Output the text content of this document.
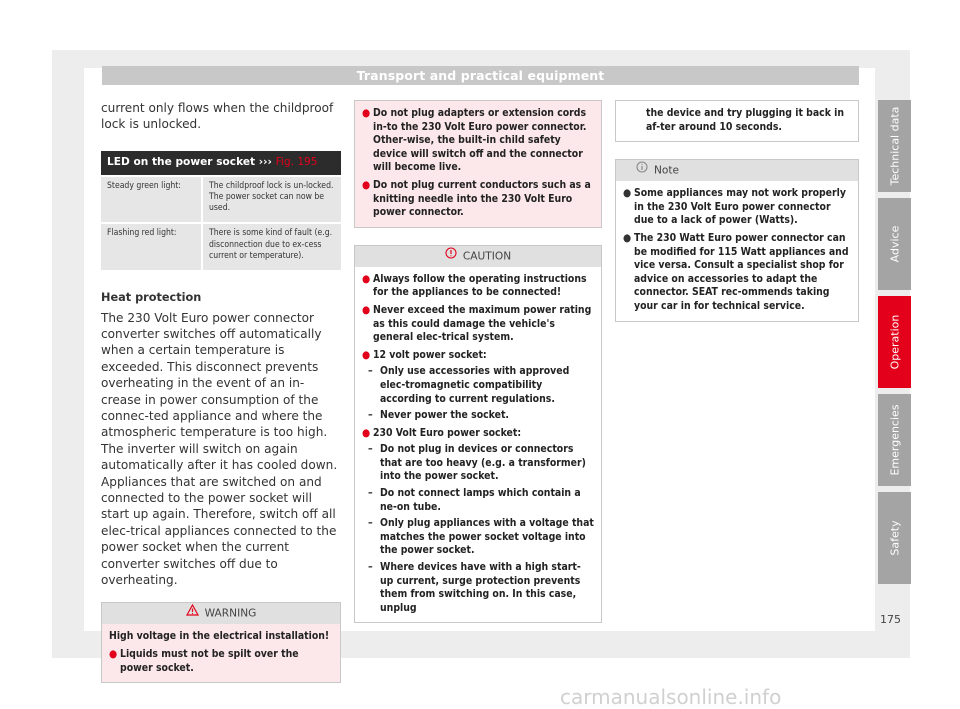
Transport and practical equipment

current only flows when the childproof lock is unlocked.

LED on the power socket ››› Fig. 195	
Steady green light:	The childproof lock is un-locked. The power socket can now be used.
Flashing red light:	There is some kind of fault (e.g. disconnection due to ex-cess current or temperature).
Heat protection

The 230 Volt Euro power connector converter switches off automatically when a certain temperature is exceeded. This disconnect prevents overheating in the event of an in-crease in power consumption of the connec-ted appliance and where the atmospheric temperature is too high. The inverter will switch on again automatically after it has cooled down. Appliances that are switched on and connected to the power socket will start up again. Therefore, switch off all elec-trical appliances connected to the power socket when the current converter switches off due to overheating.

WARNING

High voltage in the electrical installation!

● Liquids must not be spilt over the power socket.
● Do not plug adapters or extension cords in-to the 230 Volt Euro power connector. Other-wise, the built-in child safety device will switch off and the connector will become live.
● Do not plug current conductors such as a knitting needle into the 230 Volt Euro power connector.
CAUTION
● Always follow the operating instructions for the appliances to be connected!
● Never exceed the maximum power rating as this could damage the vehicle's general elec-trical system.
● 12 volt power socket:
– Only use accessories with approved elec-tromagnetic compatibility according to current regulations.
– Never power the socket.
● 230 Volt Euro power socket:
– Do not plug in devices or connectors that are too heavy (e.g. a transformer) into the power socket.
– Do not connect lamps which contain a ne-on tube.
– Only plug appliances with a voltage that matches the power socket voltage into the power socket.
– Where devices have with a high start-up current, surge protection prevents them from switching on. In this case, unplug

the device and try plugging it back in af-ter around 10 seconds.

Note
● Some appliances may not work properly in the 230 Volt Euro power connector due to a lack of power (Watts).
● The 230 Watt Euro power connector can be modified for 115 Watt appliances and vice versa. Consult a specialist shop for advice on accessories to adapt the connector. SEAT rec-ommends taking your car in for technical service.
Technical data
Advice
Operation
Emergencies
Safety
175
carmanualsonline.info
